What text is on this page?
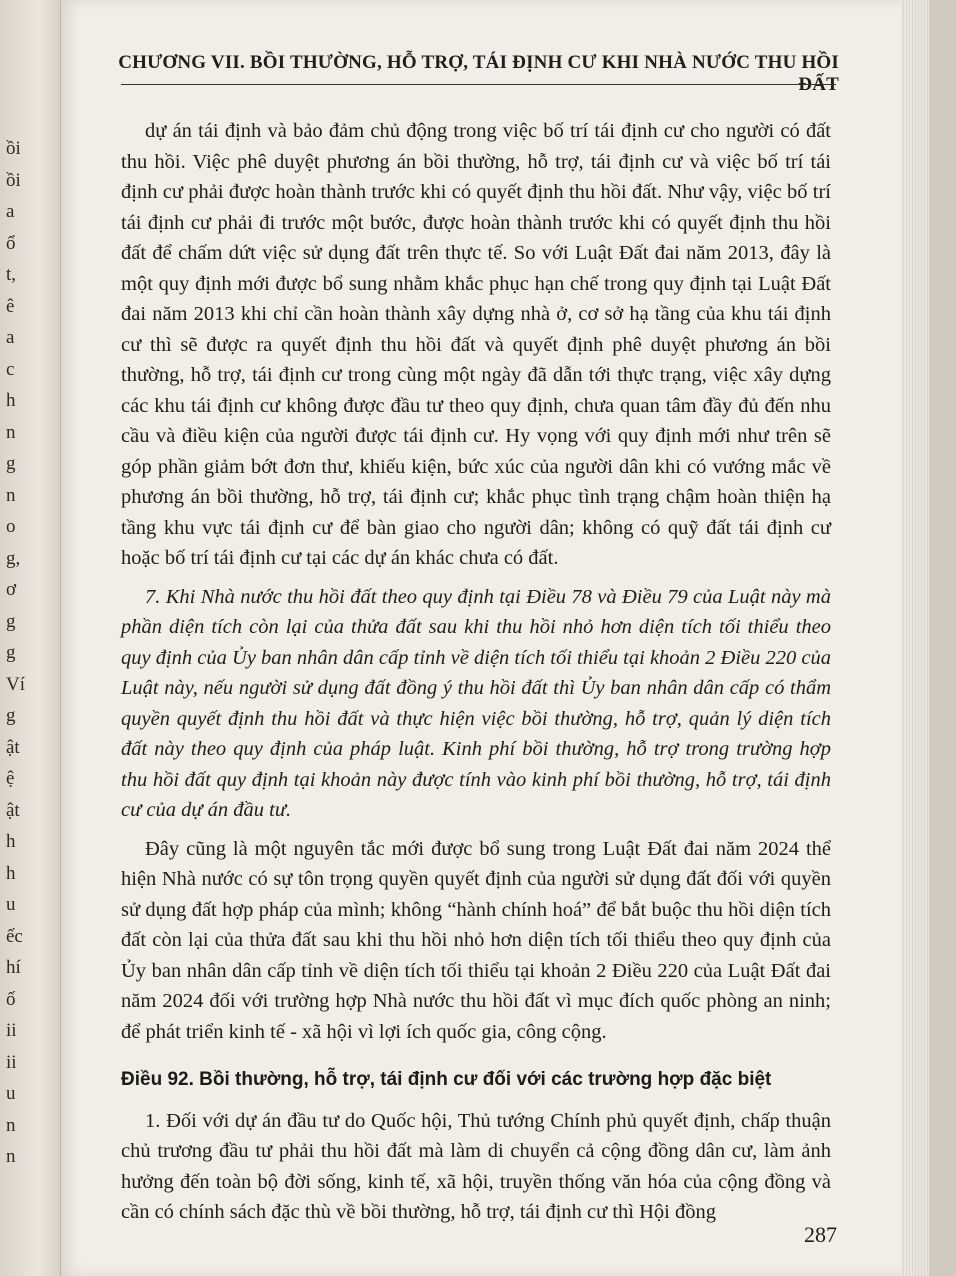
ồi
ồi
a
ổ
t,
ê
a
c
h
n
g
n
o
g,
ơ
g
g
Ví
g
ật
ệ
ật
h
h
u
ếc
hí
ố
ii
ii
u
n
n
CHƯƠNG VII. BỒI THƯỜNG, HỖ TRỢ, TÁI ĐỊNH CƯ KHI NHÀ NƯỚC THU HỒI ĐẤT

dự án tái định và bảo đảm chủ động trong việc bố trí tái định cư cho người có đất thu hồi. Việc phê duyệt phương án bồi thường, hỗ trợ, tái định cư và việc bố trí tái định cư phải được hoàn thành trước khi có quyết định thu hồi đất. Như vậy, việc bố trí tái định cư phải đi trước một bước, được hoàn thành trước khi có quyết định thu hồi đất để chấm dứt việc sử dụng đất trên thực tế. So với Luật Đất đai năm 2013, đây là một quy định mới được bổ sung nhằm khắc phục hạn chế trong quy định tại Luật Đất đai năm 2013 khi chỉ cần hoàn thành xây dựng nhà ở, cơ sở hạ tầng của khu tái định cư thì sẽ được ra quyết định thu hồi đất và quyết định phê duyệt phương án bồi thường, hỗ trợ, tái định cư trong cùng một ngày đã dẫn tới thực trạng, việc xây dựng các khu tái định cư không được đầu tư theo quy định, chưa quan tâm đầy đủ đến nhu cầu và điều kiện của người được tái định cư. Hy vọng với quy định mới như trên sẽ góp phần giảm bớt đơn thư, khiếu kiện, bức xúc của người dân khi có vướng mắc về phương án bồi thường, hỗ trợ, tái định cư; khắc phục tình trạng chậm hoàn thiện hạ tầng khu vực tái định cư để bàn giao cho người dân; không có quỹ đất tái định cư hoặc bố trí tái định cư tại các dự án khác chưa có đất.

7. Khi Nhà nước thu hồi đất theo quy định tại Điều 78 và Điều 79 của Luật này mà phần diện tích còn lại của thửa đất sau khi thu hồi nhỏ hơn diện tích tối thiểu theo quy định của Ủy ban nhân dân cấp tỉnh về diện tích tối thiểu tại khoản 2 Điều 220 của Luật này, nếu người sử dụng đất đồng ý thu hồi đất thì Ủy ban nhân dân cấp có thẩm quyền quyết định thu hồi đất và thực hiện việc bồi thường, hỗ trợ, quản lý diện tích đất này theo quy định của pháp luật. Kinh phí bồi thường, hỗ trợ trong trường hợp thu hồi đất quy định tại khoản này được tính vào kinh phí bồi thường, hỗ trợ, tái định cư của dự án đầu tư.

Đây cũng là một nguyên tắc mới được bổ sung trong Luật Đất đai năm 2024 thể hiện Nhà nước có sự tôn trọng quyền quyết định của người sử dụng đất đối với quyền sử dụng đất hợp pháp của mình; không “hành chính hoá” để bắt buộc thu hồi diện tích đất còn lại của thửa đất sau khi thu hồi nhỏ hơn diện tích tối thiểu theo quy định của Ủy ban nhân dân cấp tỉnh về diện tích tối thiểu tại khoản 2 Điều 220 của Luật Đất đai năm 2024 đối với trường hợp Nhà nước thu hồi đất vì mục đích quốc phòng an ninh; để phát triển kinh tế - xã hội vì lợi ích quốc gia, công cộng.

Điều 92. Bồi thường, hỗ trợ, tái định cư đối với các trường hợp đặc biệt

1. Đối với dự án đầu tư do Quốc hội, Thủ tướng Chính phủ quyết định, chấp thuận chủ trương đầu tư phải thu hồi đất mà làm di chuyển cả cộng đồng dân cư, làm ảnh hưởng đến toàn bộ đời sống, kinh tế, xã hội, truyền thống văn hóa của cộng đồng và cần có chính sách đặc thù về bồi thường, hỗ trợ, tái định cư thì Hội đồng

287
